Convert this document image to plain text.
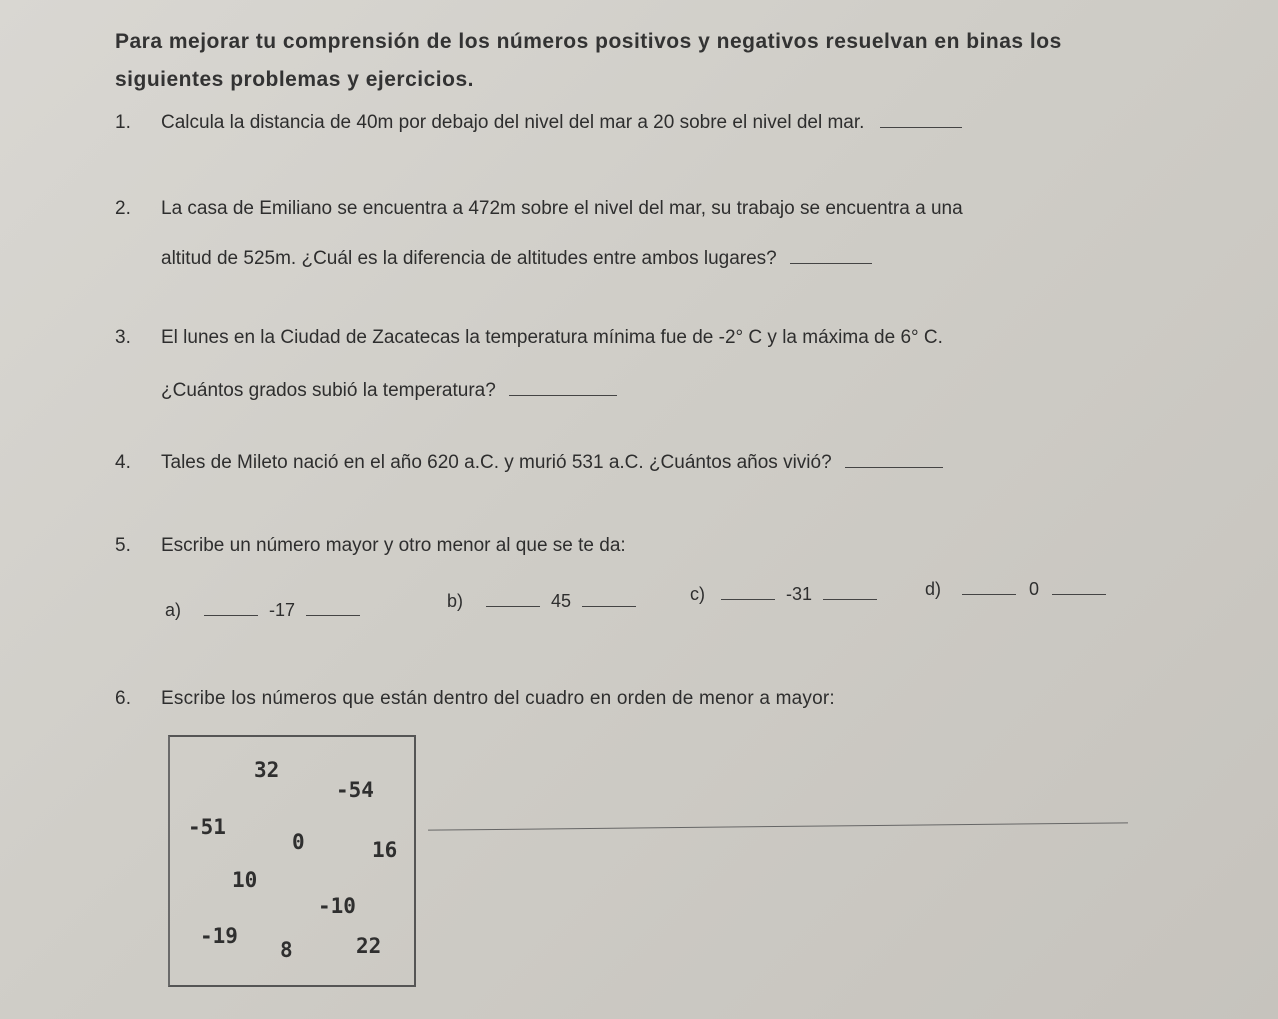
Para mejorar tu comprensión de los números positivos y negativos resuelvan en binas los
siguientes problemas y ejercicios.
1. Calcula la distancia de 40m por debajo del nivel del mar a 20 sobre el nivel del mar.
2. La casa de Emiliano se encuentra a 472m sobre el nivel del mar, su trabajo se encuentra a una
altitud de 525m. ¿Cuál es la diferencia de altitudes entre ambos lugares?
3. El lunes en la Ciudad de Zacatecas la temperatura mínima fue de -2° C y la máxima de 6° C.
¿Cuántos grados subió la temperatura?
4. Tales de Mileto nació en el año 620 a.C. y murió 531 a.C. ¿Cuántos años vivió?
5. Escribe un número mayor y otro menor al que se te da:
a)	-17	b)	45	c)	-31	d)	0
6. Escribe los números que están dentro del cuadro en orden de menor a mayor:
32
-54
-51
0	16
10
-10
-19
8	22
